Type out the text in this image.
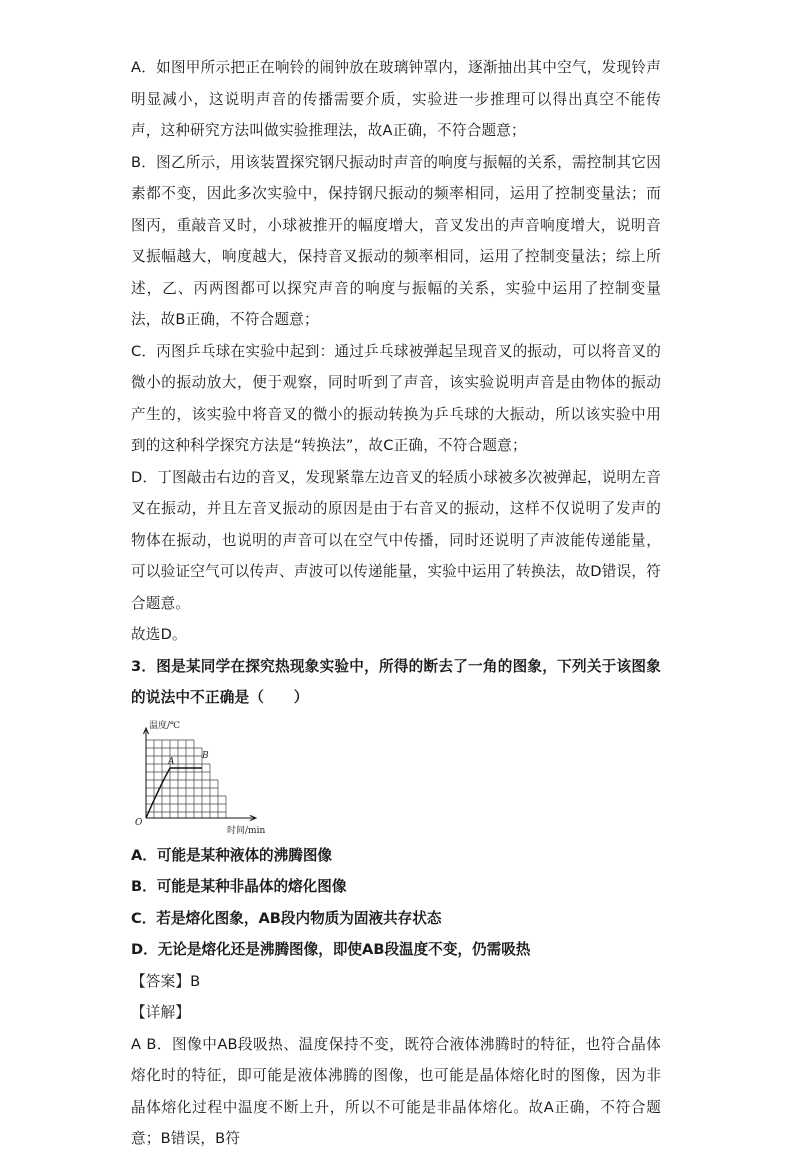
A．如图甲所示把正在响铃的闹钟放在玻璃钟罩内，逐渐抽出其中空气，发现铃声明显减小，这说明声音的传播需要介质，实验进一步推理可以得出真空不能传声，这种研究方法叫做实验推理法，故A正确，不符合题意；

B．图乙所示，用该装置探究钢尺振动时声音的响度与振幅的关系，需控制其它因素都不变，因此多次实验中，保持钢尺振动的频率相同，运用了控制变量法；而图丙，重敲音叉时，小球被推开的幅度增大，音叉发出的声音响度增大，说明音叉振幅越大，响度越大，保持音叉振动的频率相同，运用了控制变量法；综上所述，乙、丙两图都可以探究声音的响度与振幅的关系，实验中运用了控制变量法，故B正确，不符合题意；

C．丙图乒乓球在实验中起到：通过乒乓球被弹起呈现音叉的振动，可以将音叉的微小的振动放大，便于观察，同时听到了声音，该实验说明声音是由物体的振动产生的，该实验中将音叉的微小的振动转换为乒乓球的大振动，所以该实验中用到的这种科学探究方法是“转换法”，故C正确，不符合题意；

D．丁图敲击右边的音叉，发现紧靠左边音叉的轻质小球被多次被弹起，说明左音叉在振动，并且左音叉振动的原因是由于右音叉的振动，这样不仅说明了发声的物体在振动，也说明的声音可以在空气中传播，同时还说明了声波能传递能量，可以验证空气可以传声、声波可以传递能量，实验中运用了转换法，故D错误，符合题意。

故选D。

3．图是某同学在探究热现象实验中，所得的断去了一角的图象，下列关于该图象的说法中不正确是（　　）

温度/℃
A
B
O
时间/min

A．可能是某种液体的沸腾图像

B．可能是某种非晶体的熔化图像

C．若是熔化图象，AB段内物质为固液共存状态

D．无论是熔化还是沸腾图像，即使AB段温度不变，仍需吸热

【答案】B

【详解】

A B．图像中AB段吸热、温度保持不变，既符合液体沸腾时的特征，也符合晶体熔化时的特征，即可能是液体沸腾的图像，也可能是晶体熔化时的图像，因为非晶体熔化过程中温度不断上升，所以不可能是非晶体熔化。故A正确，不符合题意；B错误，B符
